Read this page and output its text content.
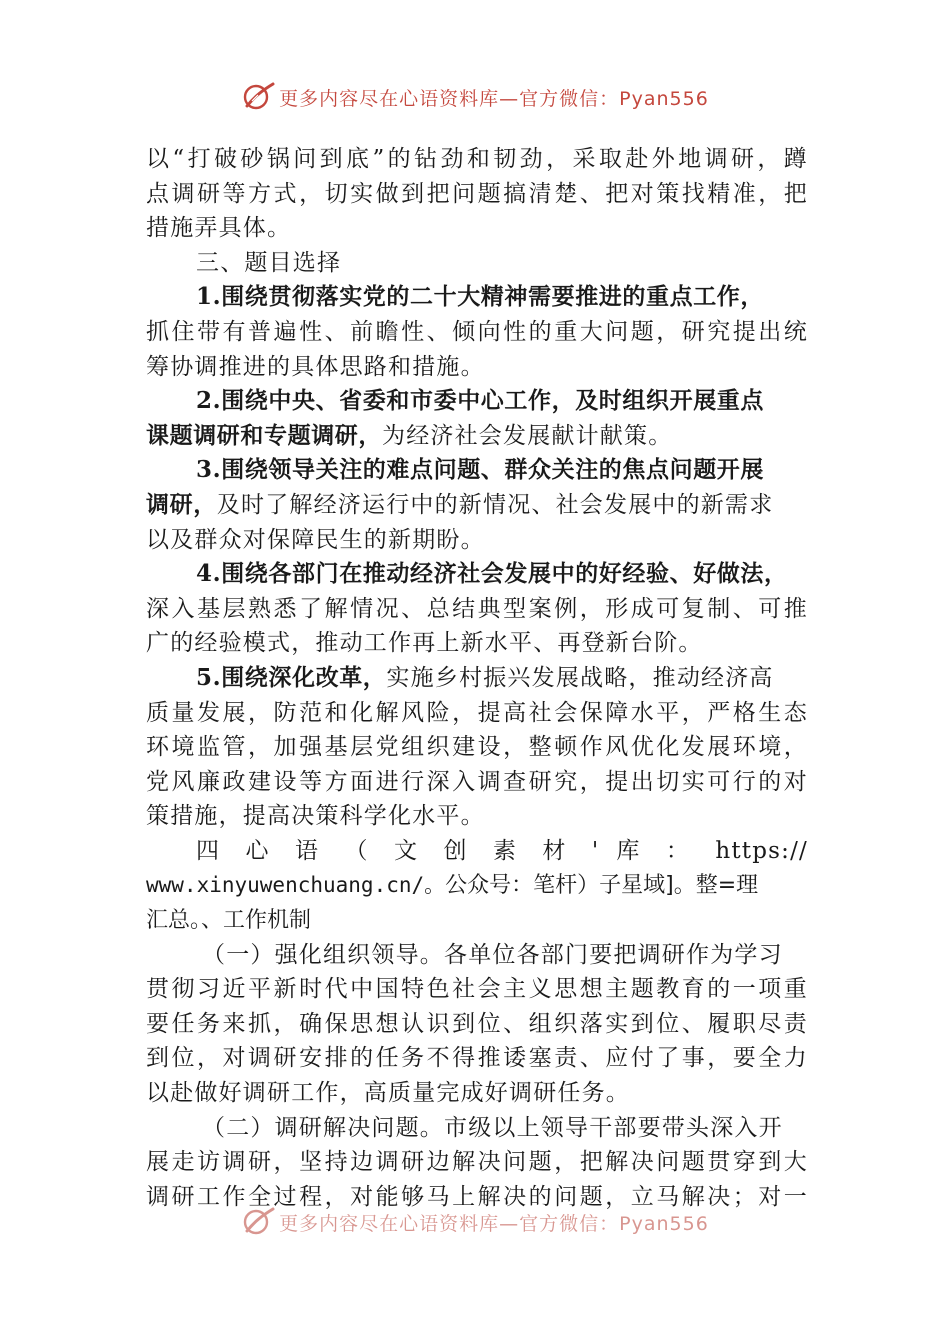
更多内容尽在心语资料库—官方微信：Pyan556
以“打破砂锅问到底”的钻劲和韧劲，采取赴外地调研，蹲
点调研等方式，切实做到把问题搞清楚、把对策找精准，把
措施弄具体。
三、题目选择
1.围绕贯彻落实党的二十大精神需要推进的重点工作，
抓住带有普遍性、前瞻性、倾向性的重大问题，研究提出统
筹协调推进的具体思路和措施。
2.围绕中央、省委和市委中心工作，及时组织开展重点
课题调研和专题调研，为经济社会发展献计献策。
3.围绕领导关注的难点问题、群众关注的焦点问题开展
调研，及时了解经济运行中的新情况、社会发展中的新需求
以及群众对保障民生的新期盼。
4.围绕各部门在推动经济社会发展中的好经验、好做法，
深入基层熟悉了解情况、总结典型案例，形成可复制、可推
广的经验模式，推动工作再上新水平、再登新台阶。
5.围绕深化改革，实施乡村振兴发展战略，推动经济高
质量发展，防范和化解风险，提高社会保障水平，严格生态
环境监管，加强基层党组织建设，整顿作风优化发展环境，
党风廉政建设等方面进行深入调查研究，提出切实可行的对
策措施，提高决策科学化水平。
四 心 语 （ 文 创 素 材 ' 库 ： https://
www.xinyuwenchuang.cn/。公众号：笔杆）子星域]。整=理
汇总。、工作机制
（一）强化组织领导。各单位各部门要把调研作为学习
贯彻习近平新时代中国特色社会主义思想主题教育的一项重
要任务来抓，确保思想认识到位、组织落实到位、履职尽责
到位，对调研安排的任务不得推诿塞责、应付了事，要全力
以赴做好调研工作，高质量完成好调研任务。
（二）调研解决问题。市级以上领导干部要带头深入开
展走访调研，坚持边调研边解决问题，把解决问题贯穿到大
调研工作全过程，对能够马上解决的问题，立马解决；对一
更多内容尽在心语资料库—官方微信：Pyan556
